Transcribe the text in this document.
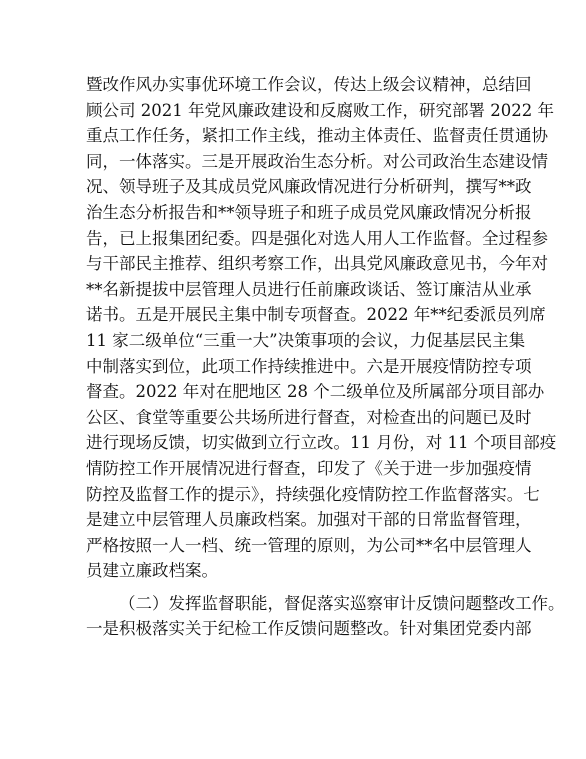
暨改作风办实事优环境工作会议，传达上级会议精神，总结回
顾公司 2021 年党风廉政建设和反腐败工作，研究部署 2022 年
重点工作任务，紧扣工作主线，推动主体责任、监督责任贯通协
同，一体落实。三是开展政治生态分析。对公司政治生态建设情
况、领导班子及其成员党风廉政情况进行分析研判，撰写**政
治生态分析报告和**领导班子和班子成员党风廉政情况分析报
告，已上报集团纪委。四是强化对选人用人工作监督。全过程参
与干部民主推荐、组织考察工作，出具党风廉政意见书，今年对
**名新提拔中层管理人员进行任前廉政谈话、签订廉洁从业承
诺书。五是开展民主集中制专项督查。2022 年**纪委派员列席
11 家二级单位“三重一大”决策事项的会议，力促基层民主集
中制落实到位，此项工作持续推进中。六是开展疫情防控专项
督查。2022 年对在肥地区 28 个二级单位及所属部分项目部办
公区、食堂等重要公共场所进行督查，对检查出的问题已及时
进行现场反馈，切实做到立行立改。11 月份，对 11 个项目部疫
情防控工作开展情况进行督查，印发了《关于进一步加强疫情
防控及监督工作的提示》，持续强化疫情防控工作监督落实。七
是建立中层管理人员廉政档案。加强对干部的日常监督管理，
严格按照一人一档、统一管理的原则，为公司**名中层管理人
员建立廉政档案。
（二）发挥监督职能，督促落实巡察审计反馈问题整改工作。
一是积极落实关于纪检工作反馈问题整改。针对集团党委内部
